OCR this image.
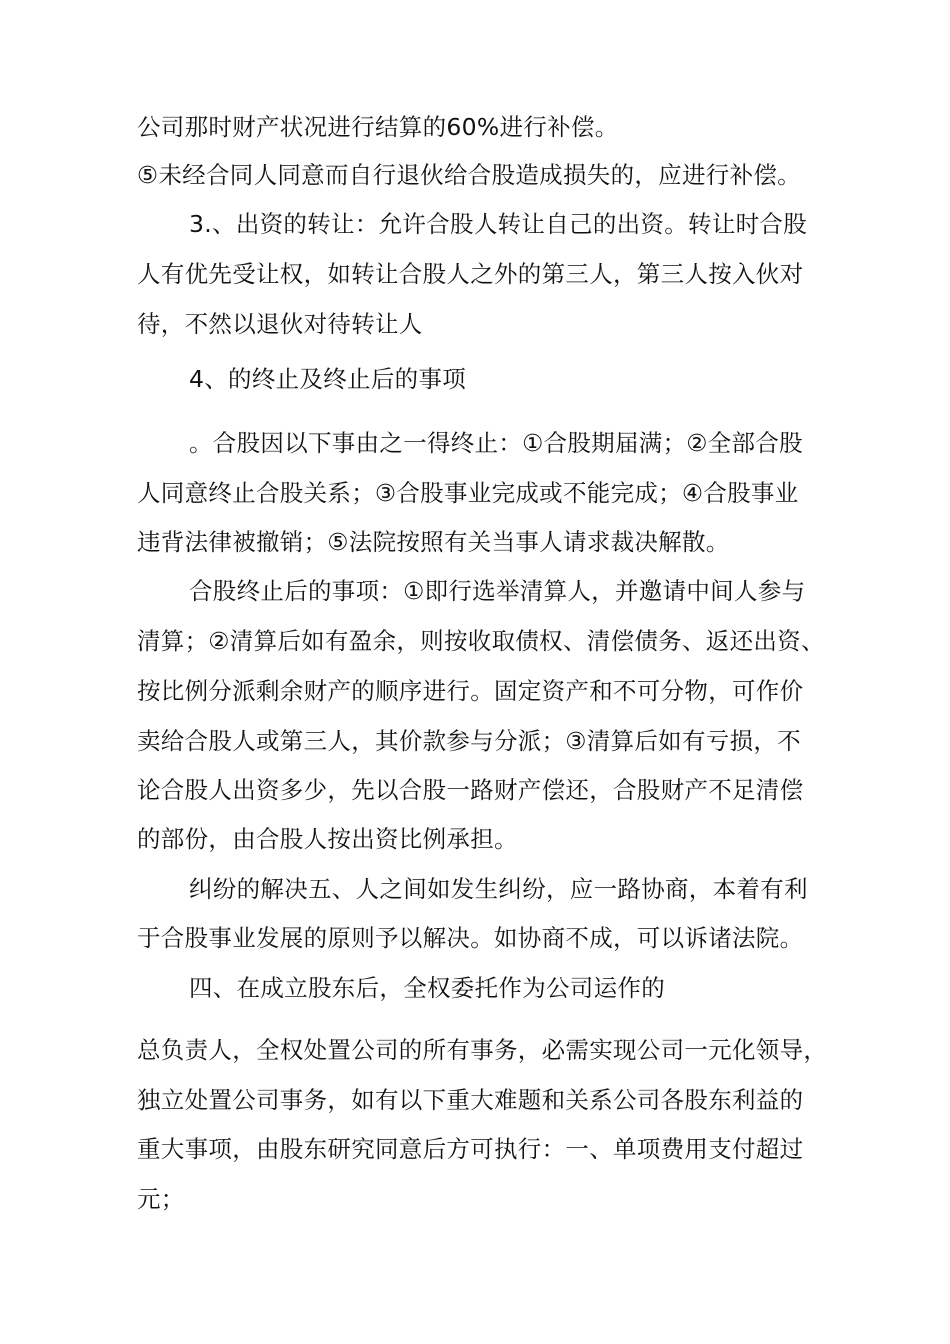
公司那时财产状况进行结算的60%进行补偿。
⑤未经合同人同意而自行退伙给合股造成损失的，应进行补偿。
3.、出资的转让：允许合股人转让自己的出资。转让时合股
人有优先受让权，如转让合股人之外的第三人，第三人按入伙对
待，不然以退伙对待转让人
4、的终止及终止后的事项
。合股因以下事由之一得终止：①合股期届满；②全部合股
人同意终止合股关系；③合股事业完成或不能完成；④合股事业
违背法律被撤销；⑤法院按照有关当事人请求裁决解散。
合股终止后的事项：①即行选举清算人，并邀请中间人参与
清算；②清算后如有盈余，则按收取债权、清偿债务、返还出资、
按比例分派剩余财产的顺序进行。固定资产和不可分物，可作价
卖给合股人或第三人，其价款参与分派；③清算后如有亏损，不
论合股人出资多少，先以合股一路财产偿还，合股财产不足清偿
的部份，由合股人按出资比例承担。
纠纷的解决五、人之间如发生纠纷，应一路协商，本着有利
于合股事业发展的原则予以解决。如协商不成，可以诉诸法院。
四、在成立股东后，全权委托作为公司运作的
总负责人，全权处置公司的所有事务，必需实现公司一元化领导，
独立处置公司事务，如有以下重大难题和关系公司各股东利益的
重大事项，由股东研究同意后方可执行：一、单项费用支付超过
元；
